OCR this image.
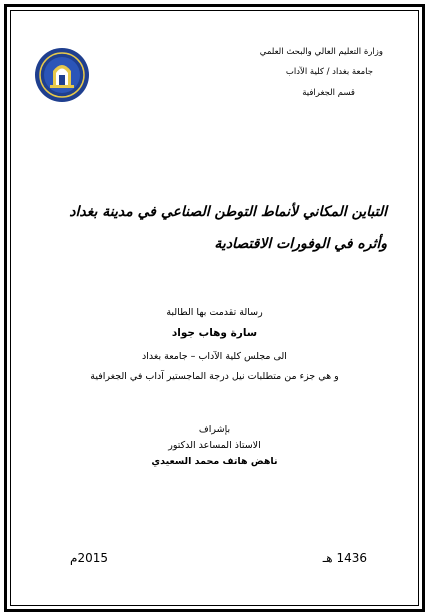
وزارة التعليم العالي والبحث العلمي
جامعة بغداد / كلية الآداب
قسم الجغرافية
التباين المكاني لأنماط التوطن الصناعي في مدينة بغداد
وأثره في الوفورات الاقتصادية
رسالة تقدمت بها الطالبة
سارة وهاب جواد
الى مجلس كلية الآداب – جامعة بغداد
و هي جزء من متطلبات نيل درجة الماجستير آداب في الجغرافية
بإشراف
الاستاذ المساعد الدكتور
ناهض هاتف محمد السعيدي
2015م	1436 هـ
